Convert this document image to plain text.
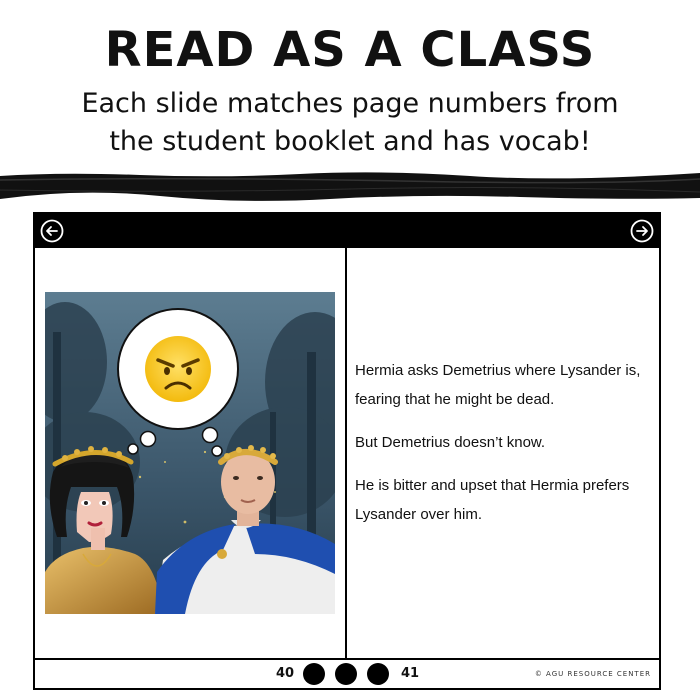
READ AS A CLASS
Each slide matches page numbers from
the student booklet and has vocab!

Hermia asks Demetrius where Lysander is, fearing that he might be dead.

But Demetrius doesn’t know.

He is bitter and upset that Hermia prefers Lysander over him.

40	41	© AGU RESOURCE CENTER
